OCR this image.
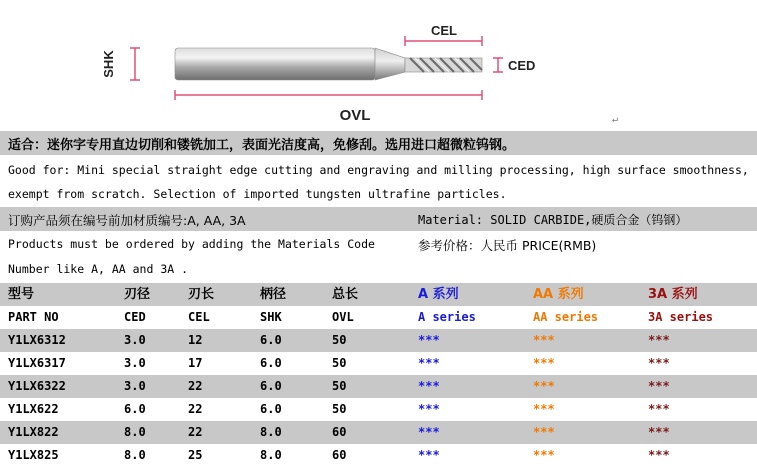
SHK
CEL
CED
OVL	↵
适合：迷你字专用直边切削和镂铣加工，表面光洁度高，免修刮。选用进口超微粒钨钢。
Good for: Mini special straight edge cutting and engraving and milling processing, high surface smoothness,
exempt from scratch. Selection of imported tungsten ultrafine particles.
订购产品须在编号前加材质编号:A, AA, 3A	Material: SOLID CARBIDE,硬质合金（钨钢）
Products must be ordered by adding the Materials Code	参考价格：人民币 PRICE(RMB)
Number like A, AA and 3A .
型号	刃径	刃长	柄径	总长	A 系列	AA 系列	3A 系列
PART NO	CED	CEL	SHK	OVL	A series	AA series	3A series
Y1LX6312	3.0	12	6.0	50	***	***	***
Y1LX6317	3.0	17	6.0	50	***	***	***
Y1LX6322	3.0	22	6.0	50	***	***	***
Y1LX622	6.0	22	6.0	50	***	***	***
Y1LX822	8.0	22	8.0	60	***	***	***
Y1LX825	8.0	25	8.0	60	***	***	***
